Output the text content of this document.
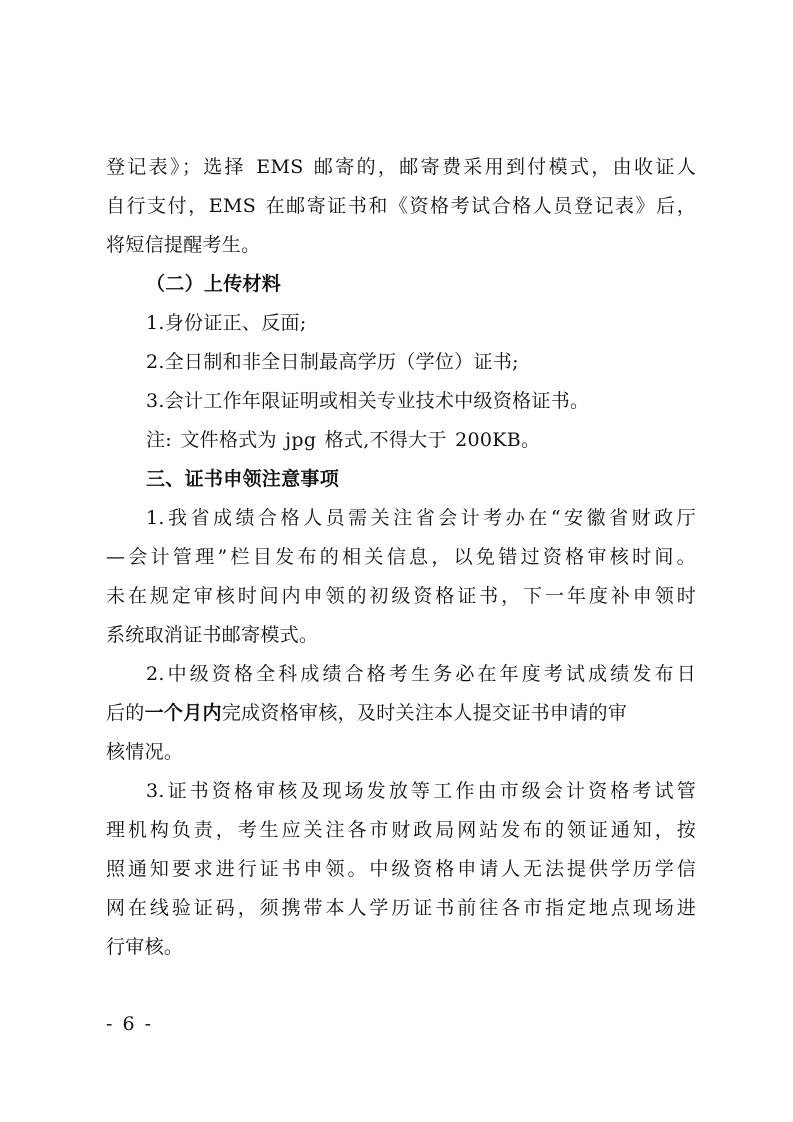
登记表》；选择 EMS 邮寄的，邮寄费采用到付模式，由收证人
自行支付，EMS 在邮寄证书和《资格考试合格人员登记表》后，
将短信提醒考生。
（二）上传材料
1.身份证正、反面;
2.全日制和非全日制最高学历（学位）证书;
3.会计工作年限证明或相关专业技术中级资格证书。
注: 文件格式为 jpg 格式,不得大于 200KB。
三、证书申领注意事项
1.我省成绩合格人员需关注省会计考办在“安徽省财政厅
—会计管理”栏目发布的相关信息，以免错过资格审核时间。
未在规定审核时间内申领的初级资格证书，下一年度补申领时
系统取消证书邮寄模式。
2.中级资格全科成绩合格考生务必在年度考试成绩发布日
后的一个月内完成资格审核，及时关注本人提交证书申请的审
核情况。
3.证书资格审核及现场发放等工作由市级会计资格考试管
理机构负责，考生应关注各市财政局网站发布的领证通知，按
照通知要求进行证书申领。中级资格申请人无法提供学历学信
网在线验证码，须携带本人学历证书前往各市指定地点现场进
行审核。
- 6 -
